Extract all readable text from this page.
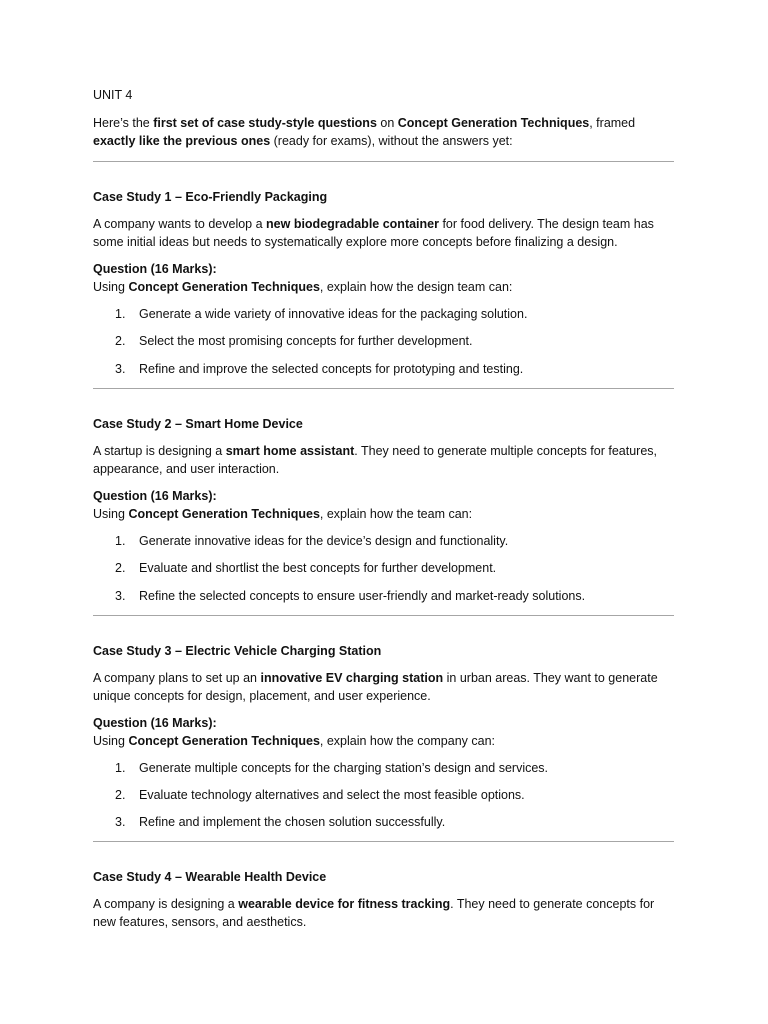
UNIT 4

Here’s the first set of case study-style questions on Concept Generation Techniques, framed exactly like the previous ones (ready for exams), without the answers yet:

Case Study 1 – Eco-Friendly Packaging

A company wants to develop a new biodegradable container for food delivery. The design team has some initial ideas but needs to systematically explore more concepts before finalizing a design.

Question (16 Marks):

Using Concept Generation Techniques, explain how the design team can:

1.	Generate a wide variety of innovative ideas for the packaging solution.
2.	Select the most promising concepts for further development.
3.	Refine and improve the selected concepts for prototyping and testing.

Case Study 2 – Smart Home Device

A startup is designing a smart home assistant. They need to generate multiple concepts for features, appearance, and user interaction.

Question (16 Marks):

Using Concept Generation Techniques, explain how the team can:

1.	Generate innovative ideas for the device’s design and functionality.
2.	Evaluate and shortlist the best concepts for further development.
3.	Refine the selected concepts to ensure user-friendly and market-ready solutions.

Case Study 3 – Electric Vehicle Charging Station

A company plans to set up an innovative EV charging station in urban areas. They want to generate unique concepts for design, placement, and user experience.

Question (16 Marks):

Using Concept Generation Techniques, explain how the company can:

1.	Generate multiple concepts for the charging station’s design and services.
2.	Evaluate technology alternatives and select the most feasible options.
3.	Refine and implement the chosen solution successfully.

Case Study 4 – Wearable Health Device

A company is designing a wearable device for fitness tracking. They need to generate concepts for new features, sensors, and aesthetics.
